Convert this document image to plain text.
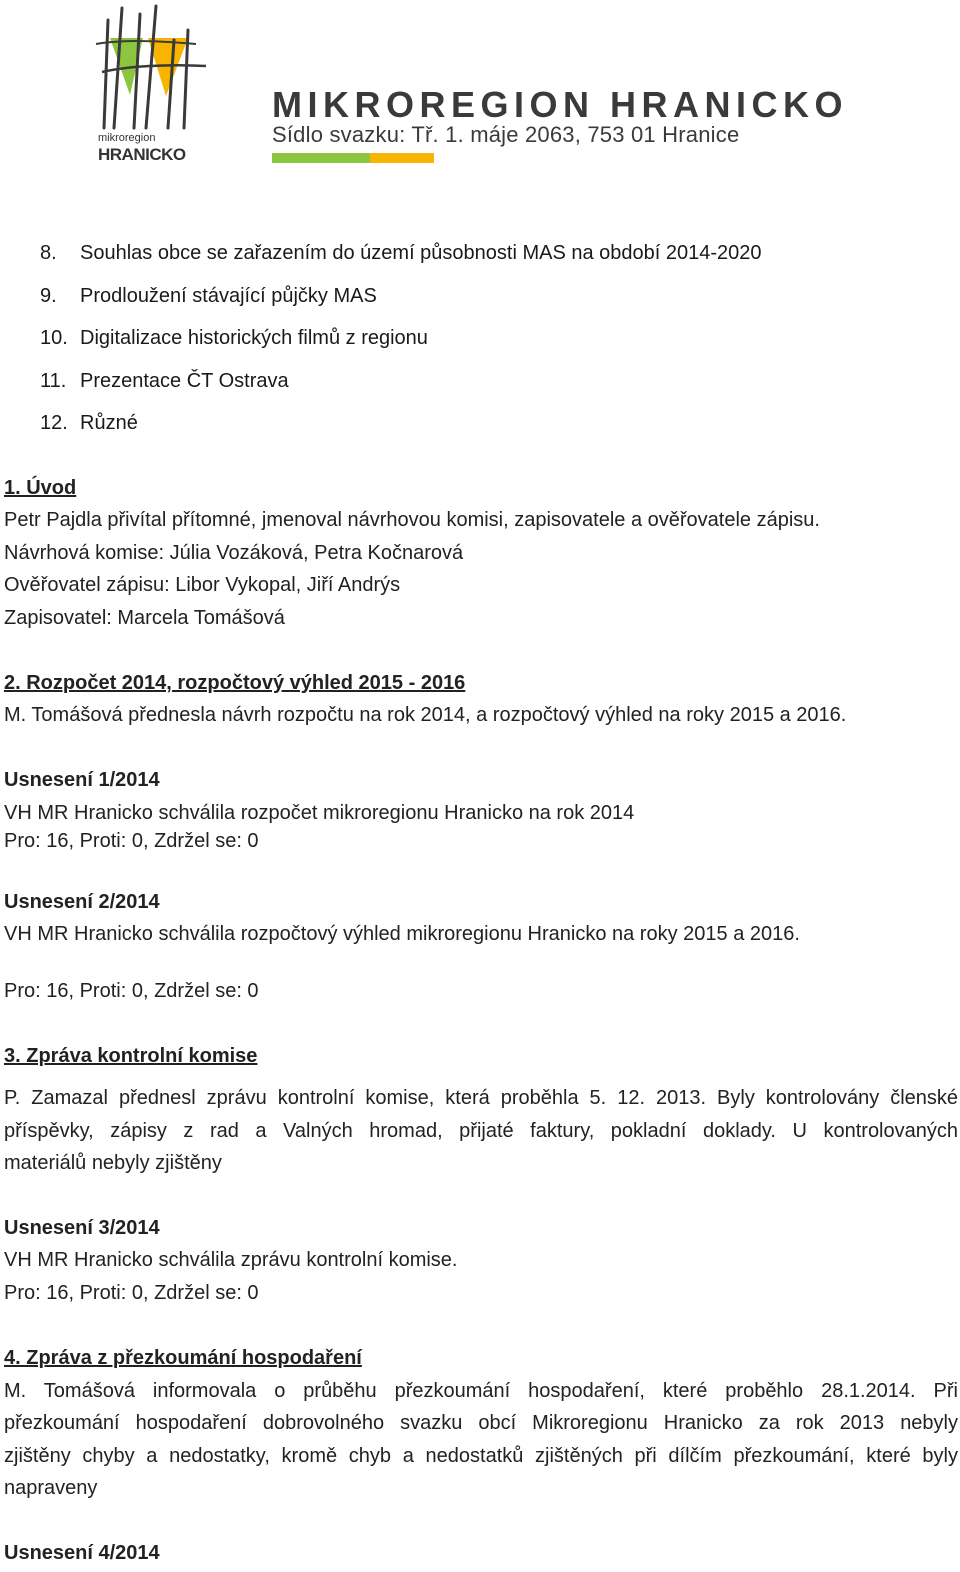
mikroregion
HRANICKO
MIKROREGION HRANICKO
Sídlo svazku: Tř. 1. máje 2063, 753 01 Hranice
8. Souhlas obce se zařazením do území působnosti MAS na období 2014-2020
9. Prodloužení stávající půjčky MAS
10. Digitalizace historických filmů z regionu
11. Prezentace ČT Ostrava
12. Různé
1. Úvod
Petr Pajdla přivítal přítomné, jmenoval návrhovou komisi, zapisovatele a ověřovatele zápisu.
Návrhová komise: Júlia Vozáková, Petra Kočnarová
Ověřovatel zápisu: Libor Vykopal, Jiří Andrýs
Zapisovatel: Marcela Tomášová
2. Rozpočet 2014, rozpočtový výhled 2015 - 2016
M. Tomášová přednesla návrh rozpočtu na rok 2014, a rozpočtový výhled na roky 2015 a 2016.
Usnesení 1/2014
VH MR Hranicko schválila rozpočet mikroregionu Hranicko na rok 2014
Pro: 16, Proti: 0, Zdržel se: 0
Usnesení 2/2014
VH MR Hranicko schválila rozpočtový výhled mikroregionu Hranicko na roky 2015 a 2016.
Pro: 16, Proti: 0, Zdržel se: 0
3. Zpráva kontrolní komise
P. Zamazal přednesl zprávu kontrolní komise, která proběhla 5. 12. 2013. Byly kontrolovány členské
příspěvky, zápisy z rad a Valných hromad, přijaté faktury, pokladní doklady. U kontrolovaných
materiálů nebyly zjištěny
Usnesení 3/2014
VH MR Hranicko schválila zprávu kontrolní komise.
Pro: 16, Proti: 0, Zdržel se: 0
4. Zpráva z přezkoumání hospodaření
M. Tomášová informovala o průběhu přezkoumání hospodaření, které proběhlo 28.1.2014. Při
přezkoumání hospodaření dobrovolného svazku obcí Mikroregionu Hranicko za rok 2013 nebyly
zjištěny chyby a nedostatky, kromě chyb a nedostatků zjištěných při dílčím přezkoumání, které byly
napraveny
Usnesení 4/2014
